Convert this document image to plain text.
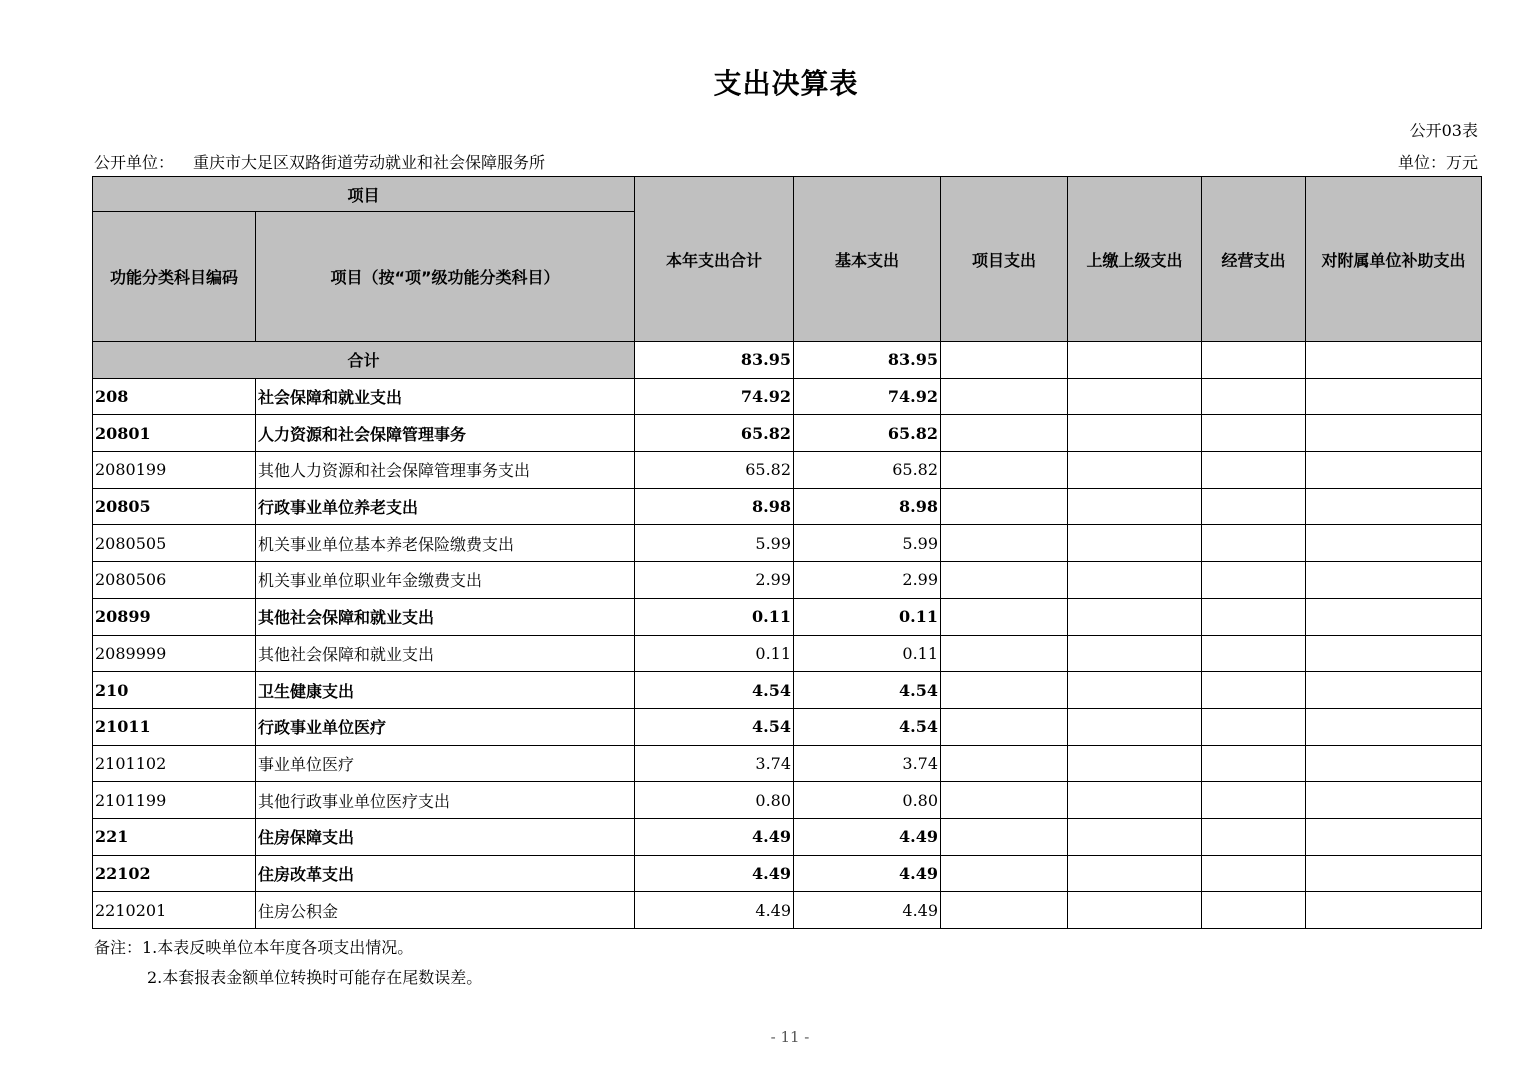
支出决算表
公开03表
公开单位： 重庆市大足区双路街道劳动就业和社会保障服务所	单位：万元
项目		本年支出合计	基本支出	项目支出	上缴上级支出	经营支出	对附属单位补助支出
功能分类科目编码	项目（按“项”级功能分类科目）						
合计		83.95	83.95				
208	社会保障和就业支出	74.92	74.92				
20801	人力资源和社会保障管理事务	65.82	65.82				
2080199	其他人力资源和社会保障管理事务支出	65.82	65.82				
20805	行政事业单位养老支出	8.98	8.98				
2080505	机关事业单位基本养老保险缴费支出	5.99	5.99				
2080506	机关事业单位职业年金缴费支出	2.99	2.99				
20899	其他社会保障和就业支出	0.11	0.11				
2089999	其他社会保障和就业支出	0.11	0.11				
210	卫生健康支出	4.54	4.54				
21011	行政事业单位医疗	4.54	4.54				
2101102	事业单位医疗	3.74	3.74				
2101199	其他行政事业单位医疗支出	0.80	0.80				
221	住房保障支出	4.49	4.49				
22102	住房改革支出	4.49	4.49				
2210201	住房公积金	4.49	4.49				
备注：1.本表反映单位本年度各项支出情况。
2.本套报表金额单位转换时可能存在尾数误差。
- 11 -
